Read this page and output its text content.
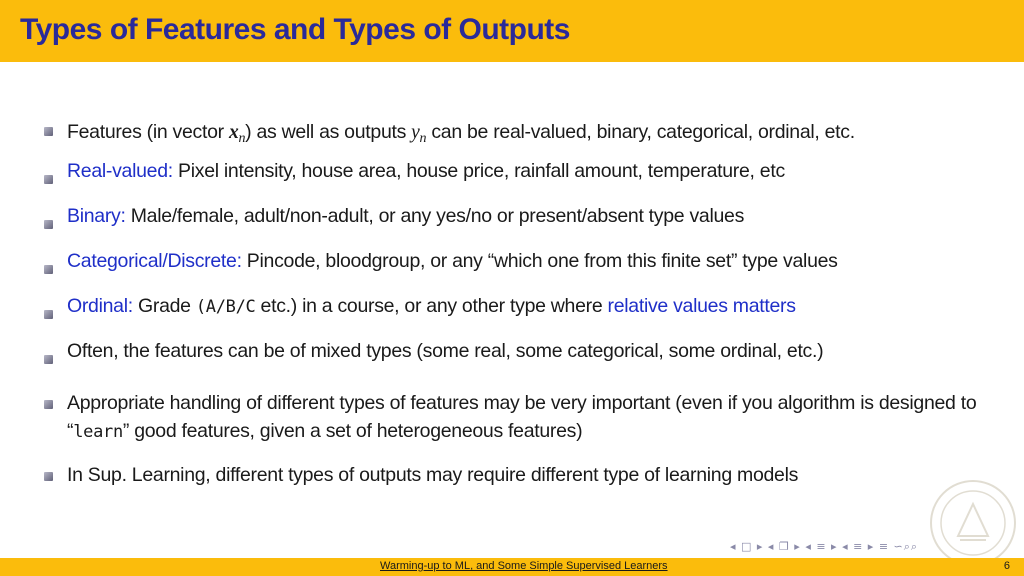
Types of Features and Types of Outputs
Features (in vector $x_n$) as well as outputs $y_n$ can be real-valued, binary, categorical, ordinal, etc.
Real-valued: Pixel intensity, house area, house price, rainfall amount, temperature, etc
Binary: Male/female, adult/non-adult, or any yes/no or present/absent type values
Categorical/Discrete: Pincode, bloodgroup, or any “which one from this finite set” type values
Ordinal: Grade (A/B/C etc.) in a course, or any other type where relative values matters
Often, the features can be of mixed types (some real, some categorical, some ordinal, etc.)
Appropriate handling of different types of features may be very important (even if you algorithm is designed to “learn” good features, given a set of heterogeneous features)
In Sup. Learning, different types of outputs may require different type of learning models
◂ □ ▸ ◂ ❐ ▸ ◂ ≡ ▸ ◂ ≡ ▸ ≡ ∽⌕⌕
Warming-up to ML, and Some Simple Supervised Learners	6
